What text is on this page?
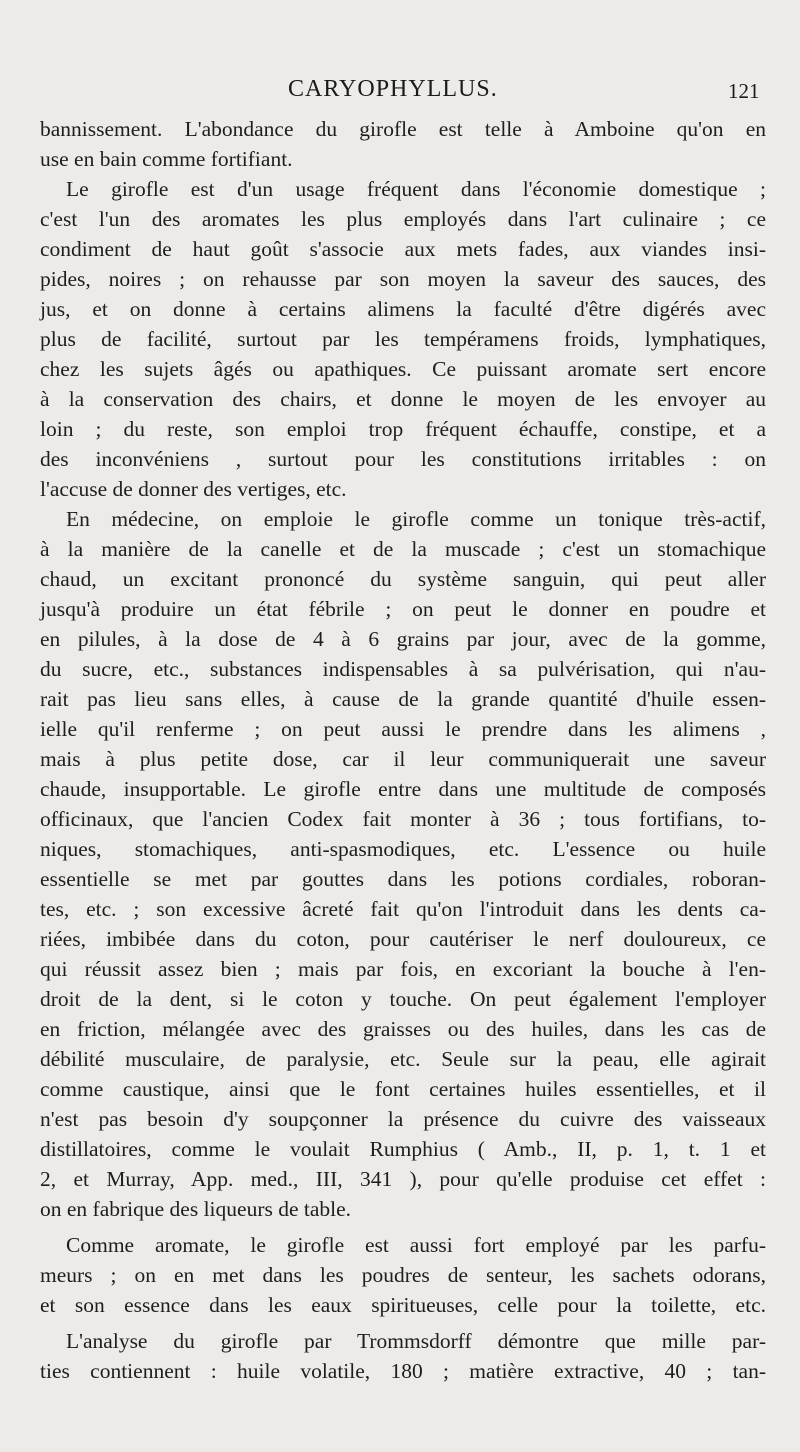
CARYOPHYLLUS.	121
bannissement. L'abondance du girofle est telle à Amboine qu'on en
use en bain comme fortifiant.
Le girofle est d'un usage fréquent dans l'économie domestique ;
c'est l'un des aromates les plus employés dans l'art culinaire ; ce
condiment de haut goût s'associe aux mets fades, aux viandes insi-
pides, noires ; on rehausse par son moyen la saveur des sauces, des
jus, et on donne à certains alimens la faculté d'être digérés avec
plus de facilité, surtout par les tempéramens froids, lymphatiques,
chez les sujets âgés ou apathiques. Ce puissant aromate sert encore
à la conservation des chairs, et donne le moyen de les envoyer au
loin ; du reste, son emploi trop fréquent échauffe, constipe, et a
des inconvéniens , surtout pour les constitutions irritables : on
l'accuse de donner des vertiges, etc.
En médecine, on emploie le girofle comme un tonique très-actif,
à la manière de la canelle et de la muscade ; c'est un stomachique
chaud, un excitant prononcé du système sanguin, qui peut aller
jusqu'à produire un état fébrile ; on peut le donner en poudre et
en pilules, à la dose de 4 à 6 grains par jour, avec de la gomme,
du sucre, etc., substances indispensables à sa pulvérisation, qui n'au-
rait pas lieu sans elles, à cause de la grande quantité d'huile essen-
ielle qu'il renferme ; on peut aussi le prendre dans les alimens ,
mais à plus petite dose, car il leur communiquerait une saveur
chaude, insupportable. Le girofle entre dans une multitude de composés
officinaux, que l'ancien Codex fait monter à 36 ; tous fortifians, to-
niques, stomachiques, anti-spasmodiques, etc. L'essence ou huile
essentielle se met par gouttes dans les potions cordiales, roboran-
tes, etc. ; son excessive âcreté fait qu'on l'introduit dans les dents ca-
riées, imbibée dans du coton, pour cautériser le nerf douloureux, ce
qui réussit assez bien ; mais par fois, en excoriant la bouche à l'en-
droit de la dent, si le coton y touche. On peut également l'employer
en friction, mélangée avec des graisses ou des huiles, dans les cas de
débilité musculaire, de paralysie, etc. Seule sur la peau, elle agirait
comme caustique, ainsi que le font certaines huiles essentielles, et il
n'est pas besoin d'y soupçonner la présence du cuivre des vaisseaux
distillatoires, comme le voulait Rumphius ( Amb., II, p. 1, t. 1 et
2, et Murray, App. med., III, 341 ), pour qu'elle produise cet effet :
on en fabrique des liqueurs de table.
Comme aromate, le girofle est aussi fort employé par les parfu-
meurs ; on en met dans les poudres de senteur, les sachets odorans,
et son essence dans les eaux spiritueuses, celle pour la toilette, etc.
L'analyse du girofle par Trommsdorff démontre que mille par-
ties contiennent : huile volatile, 180 ; matière extractive, 40 ; tan-
